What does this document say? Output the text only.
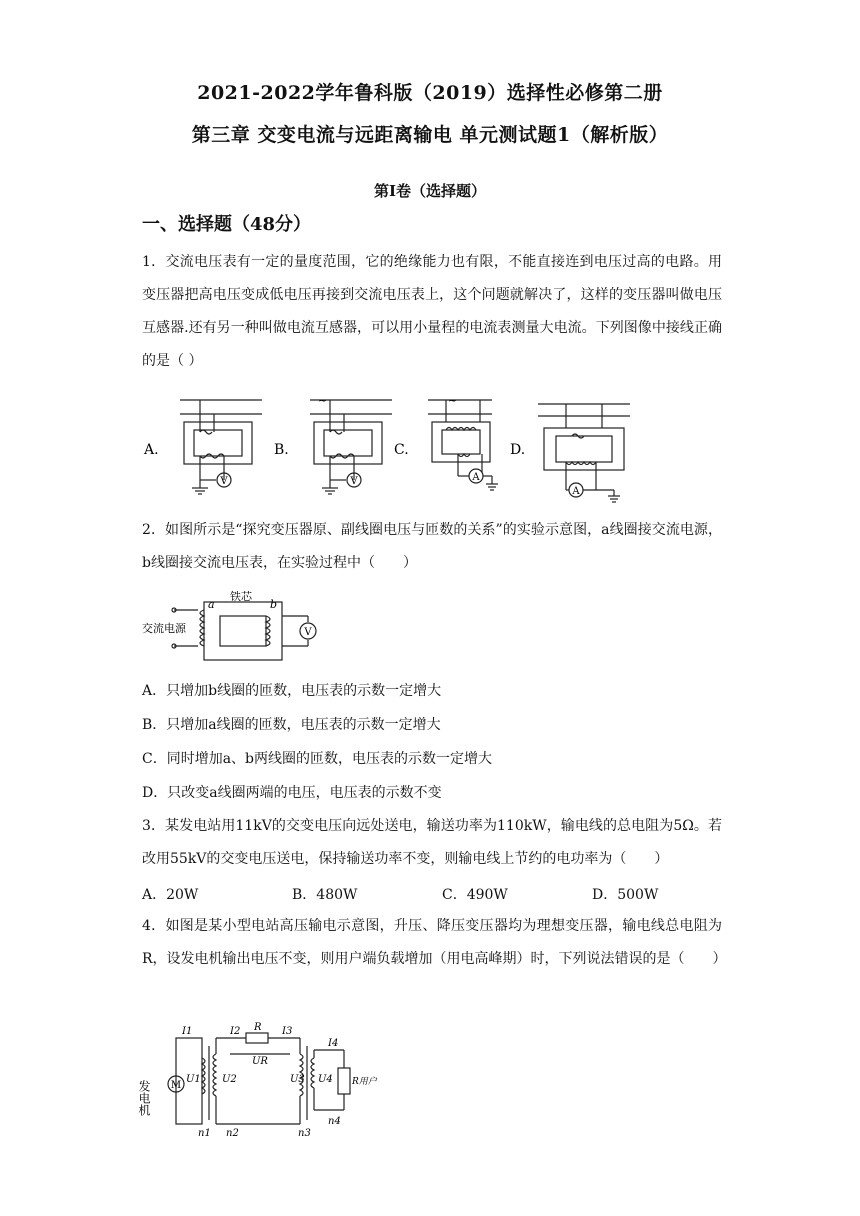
2021-2022学年鲁科版（2019）选择性必修第二册
第三章 交变电流与远距离输电 单元测试题1（解析版）
第I卷（选择题）
一、选择题（48分）
1．交流电压表有一定的量度范围，它的绝缘能力也有限，不能直接连到电压过高的电路。用变压器把高电压变成低电压再接到交流电压表上，这个问题就解决了，这样的变压器叫做电压互感器.还有另一种叫做电流互感器，可以用小量程的电流表测量大电流。下列图像中接线正确的是（ ）
~	~
V	V	A
A
A.	B.	C.	D.
2．如图所示是“探究变压器原、副线圈电压与匝数的关系”的实验示意图，a线圈接交流电源，b线圈接交流电压表，在实验过程中（　　）
铁芯
a	b
交流电源	V
A．只增加b线圈的匝数，电压表的示数一定增大
B．只增加a线圈的匝数，电压表的示数一定增大
C．同时增加a、b两线圈的匝数，电压表的示数一定增大
D．只改变a线圈两端的电压，电压表的示数不变
3．某发电站用11kV的交变电压向远处送电，输送功率为110kW，输电线的总电阻为5Ω。若改用55kV的交变电压送电，保持输送功率不变，则输电线上节约的电功率为（　　）
A．20W	B．480W	C．490W	D．500W
4．如图是某小型电站高压输电示意图，升压、降压变压器均为理想变压器，输电线总电阻为R，设发电机输出电压不变，则用户端负载增加（用电高峰期）时，下列说法错误的是（　　）
发电机 M
I1	I2	I3
I4
R
UR
U1 U2	U3 U4 R用户
n1 n2	n3
n4
